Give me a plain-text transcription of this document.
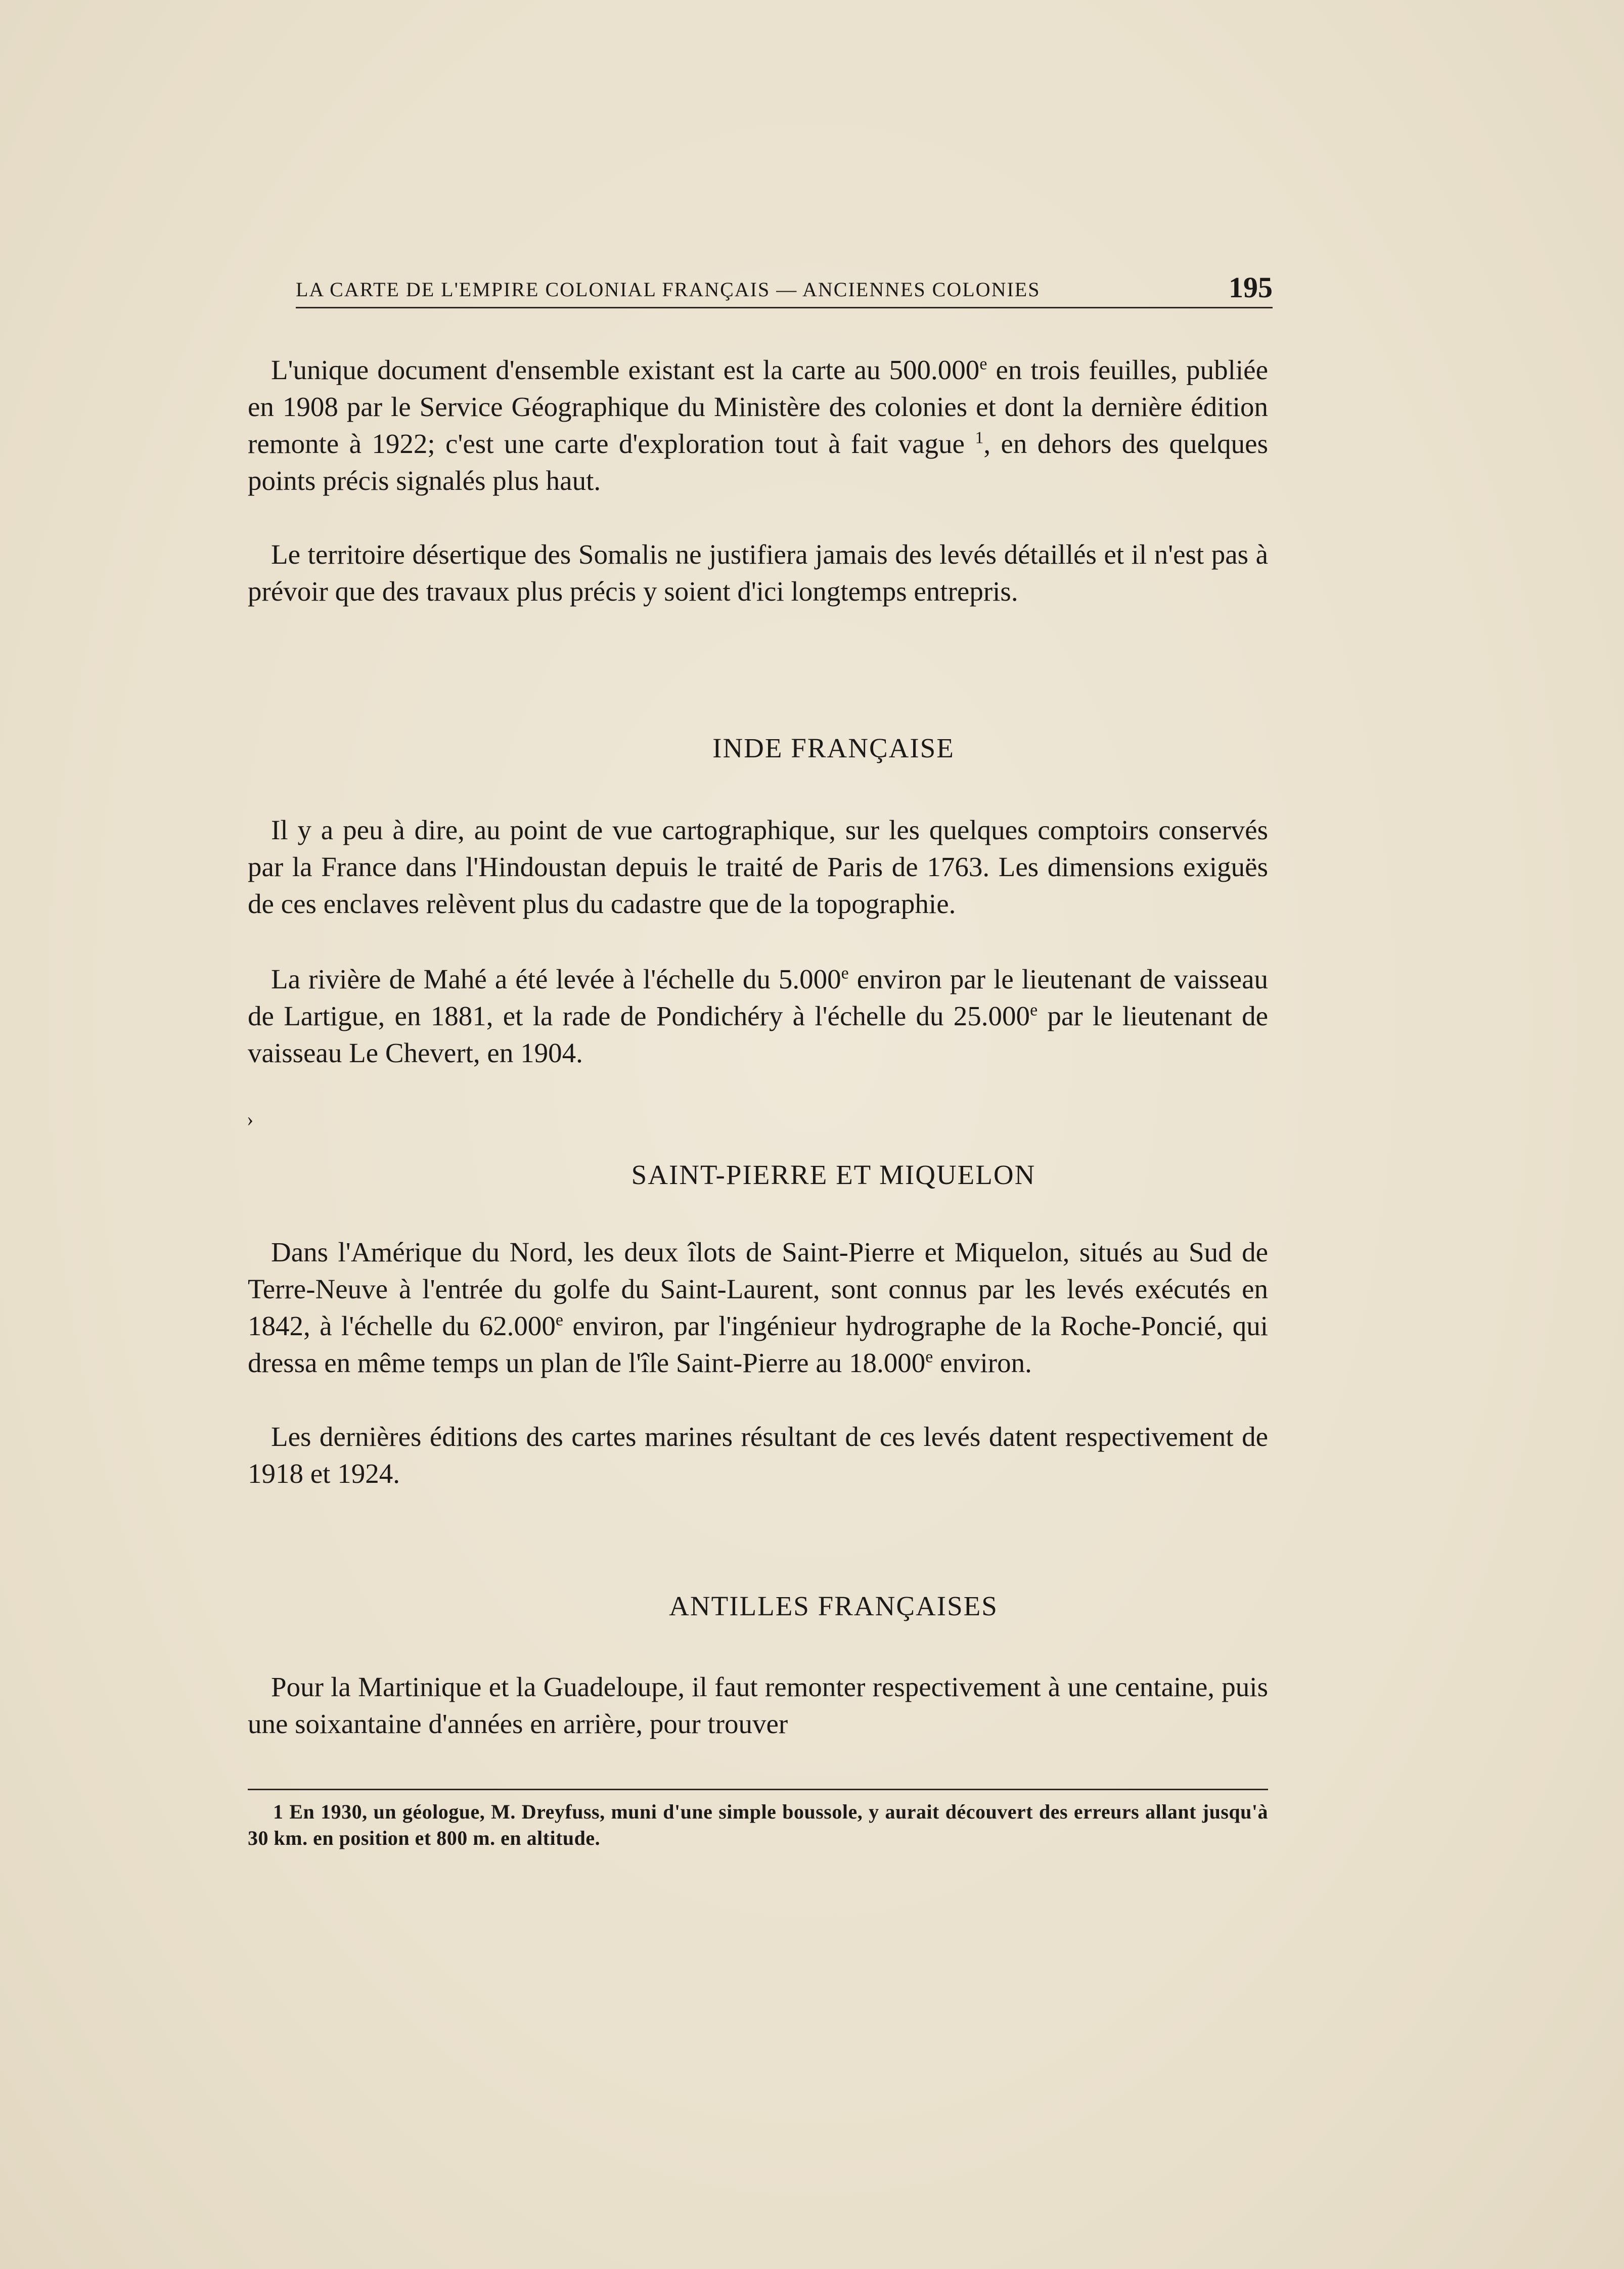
LA CARTE DE L'EMPIRE COLONIAL FRANÇAIS — ANCIENNES COLONIES	195

L'unique document d'ensemble existant est la carte au 500.000e en trois feuilles, publiée en 1908 par le Service Géographique du Ministère des colonies et dont la dernière édition remonte à 1922; c'est une carte d'exploration tout à fait vague $^1$, en dehors des quelques points précis signalés plus haut.

Le territoire désertique des Somalis ne justifiera jamais des levés détaillés et il n'est pas à prévoir que des travaux plus précis y soient d'ici longtemps entrepris.

INDE FRANÇAISE

Il y a peu à dire, au point de vue cartographique, sur les quelques comptoirs conservés par la France dans l'Hindoustan depuis le traité de Paris de 1763. Les dimensions exiguës de ces enclaves relèvent plus du cadastre que de la topographie.

La rivière de Mahé a été levée à l'échelle du 5.000e environ par le lieutenant de vaisseau de Lartigue, en 1881, et la rade de Pondichéry à l'échelle du 25.000e par le lieutenant de vaisseau Le Chevert, en 1904.

›
SAINT-PIERRE ET MIQUELON

Dans l'Amérique du Nord, les deux îlots de Saint-Pierre et Miquelon, situés au Sud de Terre-Neuve à l'entrée du golfe du Saint-Laurent, sont connus par les levés exécutés en 1842, à l'échelle du 62.000e environ, par l'ingénieur hydrographe de la Roche-Poncié, qui dressa en même temps un plan de l'île Saint-Pierre au 18.000e environ.

Les dernières éditions des cartes marines résultant de ces levés datent respectivement de 1918 et 1924.

ANTILLES FRANÇAISES

Pour la Martinique et la Guadeloupe, il faut remonter respectivement à une centaine, puis une soixantaine d'années en arrière, pour trouver

1 En 1930, un géologue, M. Dreyfuss, muni d'une simple boussole, y aurait découvert des erreurs allant jusqu'à 30 km. en position et 800 m. en altitude.
